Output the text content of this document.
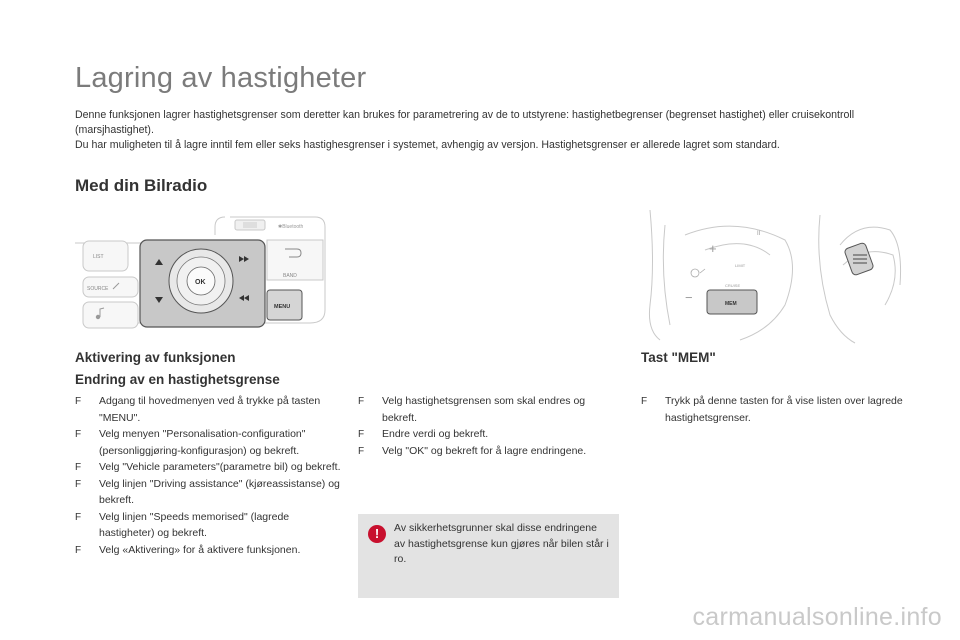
Lagring av hastigheter

Denne funksjonen lagrer hastighetsgrenser som deretter kan brukes for parametrering av de to utstyrene: hastighetbegrenser (begrenset hastighet) eller cruisekontroll (marsjhastighet).

Du har muligheten til å lagre inntil fem eller seks hastighesgrenser i systemet, avhengig av versjon. Hastighetsgrenser er allerede lagret som standard.

Med din Bilradio
LIST
SOURCE
✱Bluetooth
OK
BAND
MENU
+
−
II
LIMIT
CRUISE
MEM
Aktivering av funksjonen
Endring av en hastighetsgrense
F Adgang til hovedmenyen ved å trykke på tasten "MENU".
F Velg menyen "Personalisation-configuration" (personliggjøring-konfigurasjon) og bekreft.
F Velg "Vehicle parameters"(parametre bil) og bekreft.
F Velg linjen "Driving assistance" (kjøreassistanse) og bekreft.
F Velg linjen "Speeds memorised" (lagrede hastigheter) og bekreft.
F Velg «Aktivering» for å aktivere funksjonen.
F Velg hastighetsgrensen som skal endres og bekreft.
F Endre verdi og bekreft.
F Velg "OK" og bekreft for å lagre endringene.
!	Av sikkerhetsgrunner skal disse endringene av hastighetsgrense kun gjøres når bilen står i ro.
Tast "MEM"
F Trykk på denne tasten for å vise listen over lagrede hastighetsgrenser.
carmanualsonline.info
